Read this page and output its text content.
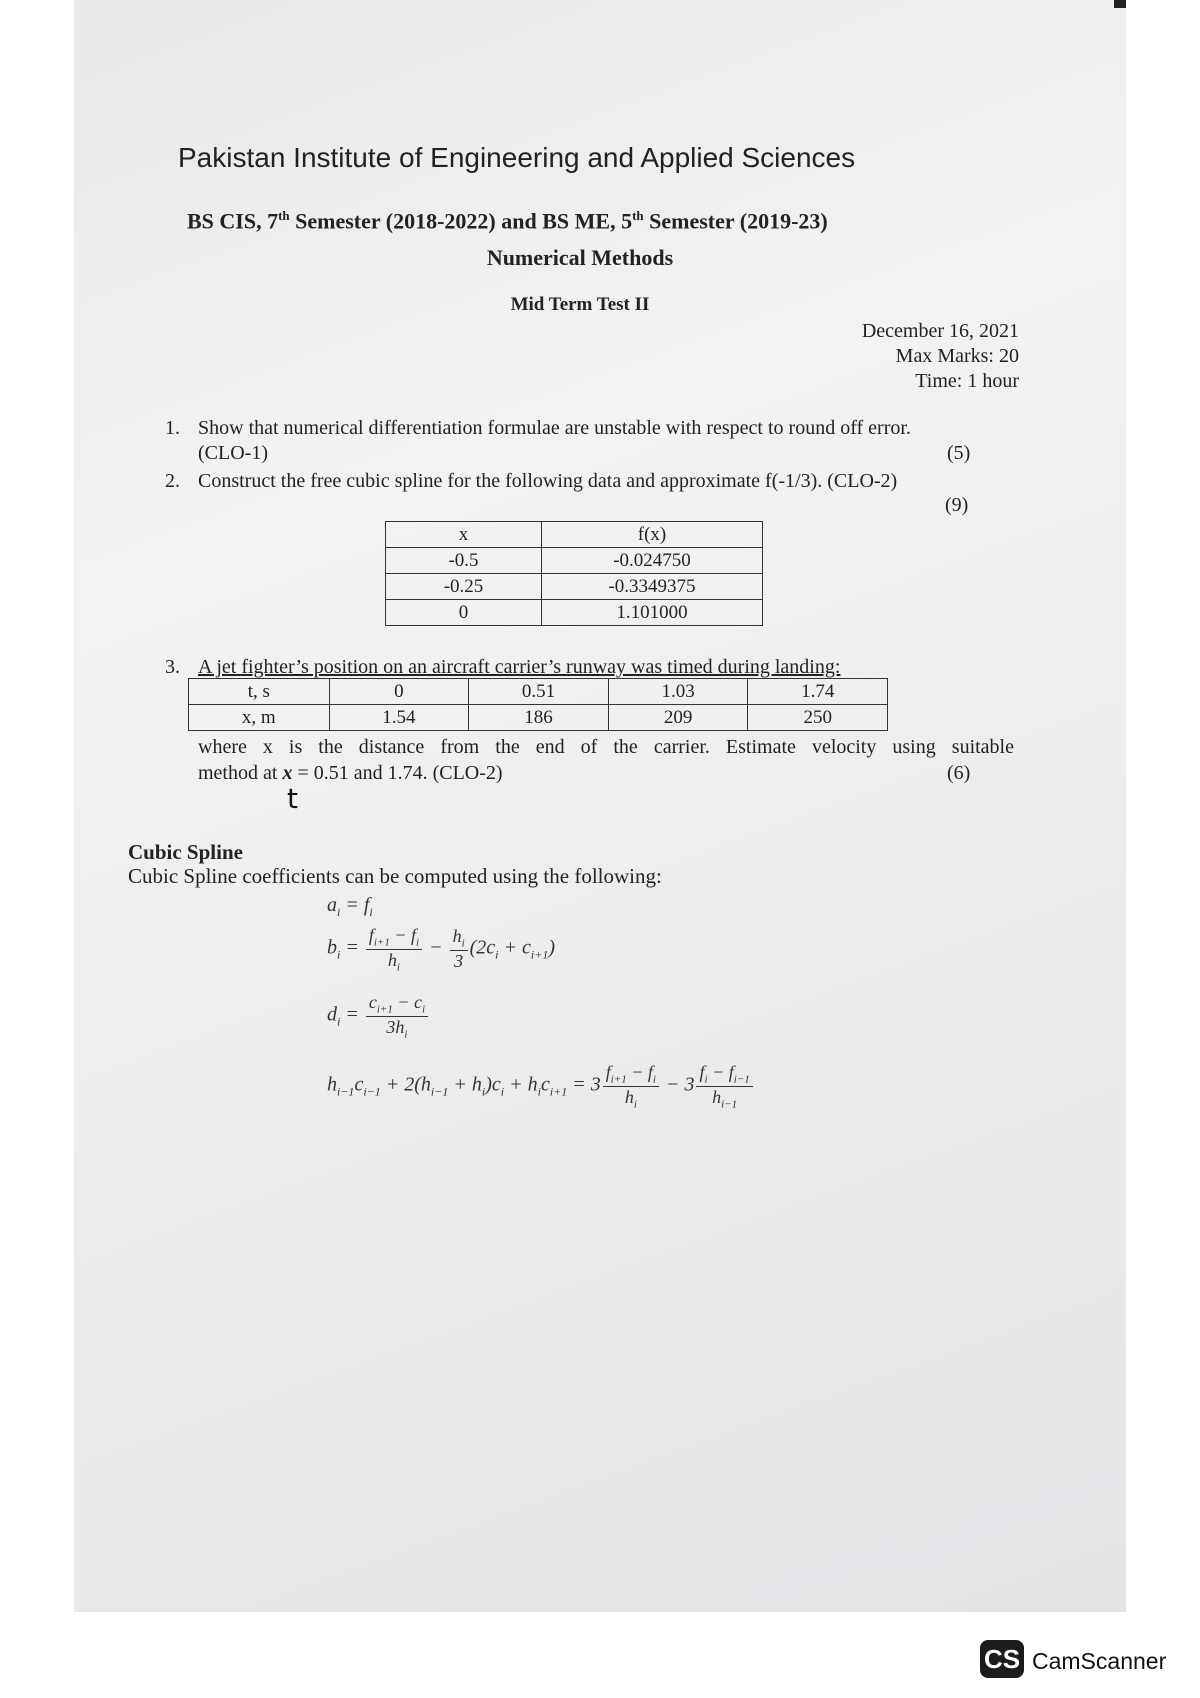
Pakistan Institute of Engineering and Applied Sciences
BS CIS, 7th Semester (2018-2022) and BS ME, 5th Semester (2019-23)
Numerical Methods
Mid Term Test II
December 16, 2021
Max Marks: 20
Time: 1 hour
1. Show that numerical differentiation formulae are unstable with respect to round off error.
(CLO-1)	(5)
2. Construct the free cubic spline for the following data and approximate f(-1/3). (CLO-2)
(9)
x	f(x)
-0.5	-0.024750
-0.25	-0.3349375
0	1.101000
3. A jet fighter’s position on an aircraft carrier’s runway was timed during landing:
t, s	0	0.51	1.03	1.74
x, m	1.54	186	209	250
where x is the distance from the end of the carrier. Estimate velocity using suitable
method at x = 0.51 and 1.74. (CLO-2)	(6)
t
Cubic Spline
Cubic Spline coefficients can be computed using the following:
$a_i = f_i$
$b_i = \frac{f_{i+1} - f_i}{h_i} - \frac{h_i}{3} (2c_i + c_{i+1})$
$d_i = \frac{c_{i+1} - c_i}{3h_i}$
$h_{i-1}c_{i-1} + 2(h_{i-1} + h_i)c_i + h_ic_{i+1} = 3 \frac{f_{i+1} - f_i}{h_i} - 3 \frac{f_i - f_{i-1}}{h_{i-1}}$
CS CamScanner
